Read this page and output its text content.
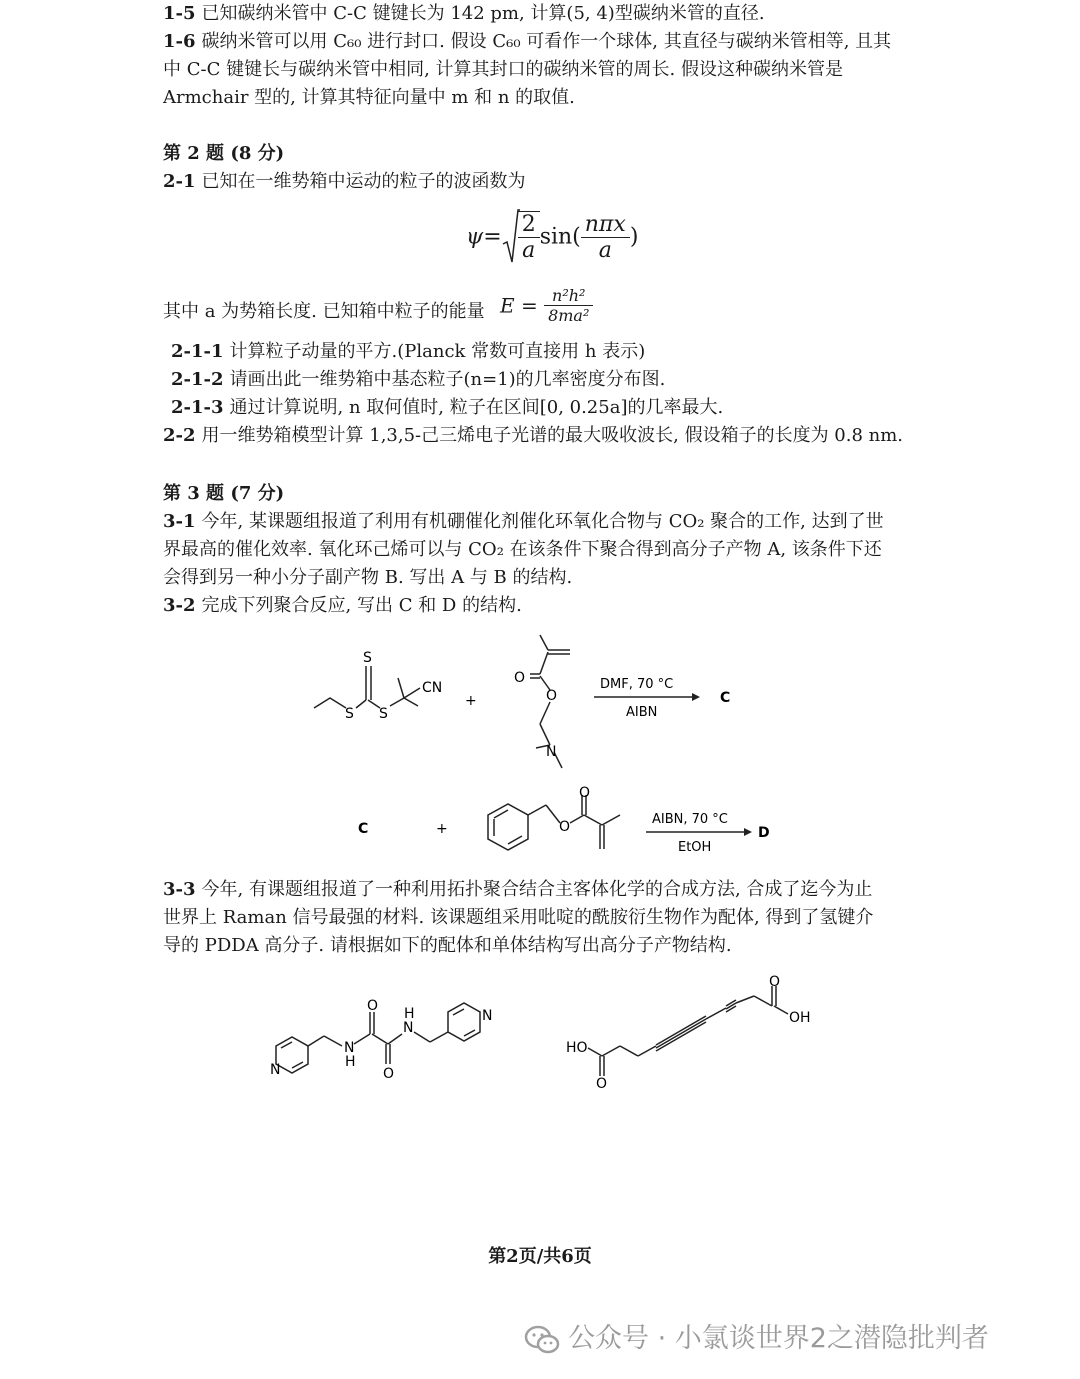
1-5 已知碳纳米管中 C-C 键键长为 142 pm, 计算(5, 4)型碳纳米管的直径.
1-6 碳纳米管可以用 C₆₀ 进行封口. 假设 C₆₀ 可看作一个球体, 其直径与碳纳米管相等, 且其
中 C-C 键键长与碳纳米管中相同, 计算其封口的碳纳米管的周长. 假设这种碳纳米管是
Armchair 型的, 计算其特征向量中 m 和 n 的取值.
第 2 题 (8 分)
2-1 已知在一维势箱中运动的粒子的波函数为
$\psi= \frac{2}{a} \sin( \frac{\text{nπx}}{a}$ )
其中 a 为势箱长度. 已知箱中粒子的能量 $E = \frac{\text{n²h²}}{\text{8ma²}}$
2-1-1 计算粒子动量的平方.(Planck 常数可直接用 h 表示)
2-1-2 请画出此一维势箱中基态粒子(n=1)的几率密度分布图.
2-1-3 通过计算说明, n 取何值时, 粒子在区间[0, 0.25a]的几率最大.
2-2 用一维势箱模型计算 1,3,5-己三烯电子光谱的最大吸收波长, 假设箱子的长度为 0.8 nm.
第 3 题 (7 分)
3-1 今年, 某课题组报道了利用有机硼催化剂催化环氧化合物与 CO₂ 聚合的工作, 达到了世
界最高的催化效率. 氧化环己烯可以与 CO₂ 在该条件下聚合得到高分子产物 A, 该条件下还
会得到另一种小分子副产物 B. 写出 A 与 B 的结构.
3-2 完成下列聚合反应, 写出 C 和 D 的结构.
S
S
S
CN
+
O
O
N
DMF, 70 °C
AIBN
C
C	+	O
O
AIBN, 70 °C
EtOH
D
3-3 今年, 有课题组报道了一种利用拓扑聚合结合主客体化学的合成方法, 合成了迄今为止
世界上 Raman 信号最强的材料. 该课题组采用吡啶的酰胺衍生物作为配体, 得到了氢键介
导的 PDDA 高分子. 请根据如下的配体和单体结构写出高分子产物结构.
N
N
N
H
N
H
O
O
HO
O
O
OH
第2页/共6页
公众号 · 小氯谈世界2之潜隐批判者
